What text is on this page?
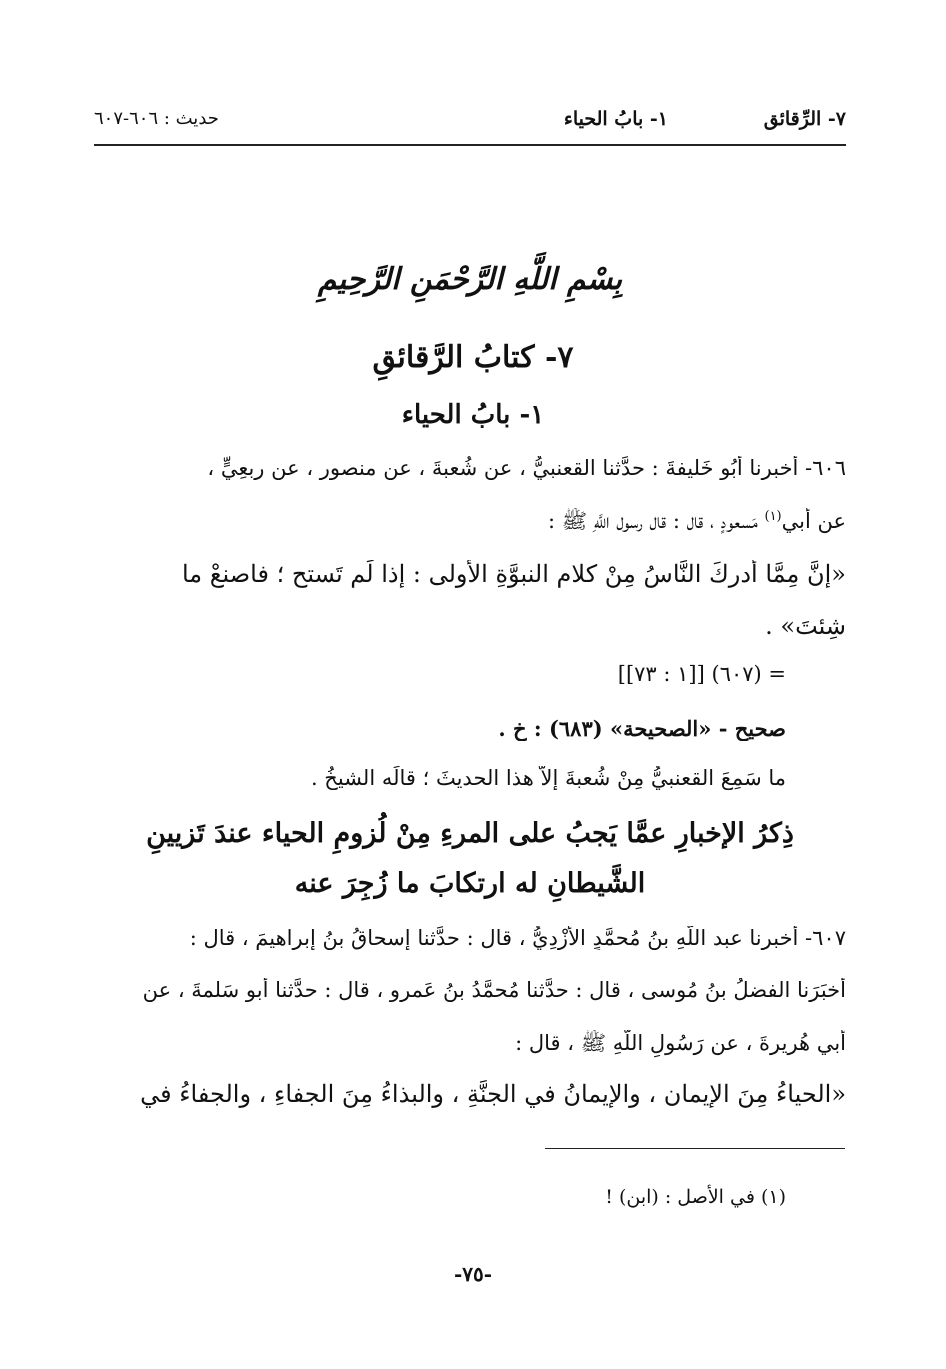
٧- الرِّقائق
١- بابُ الحياء
حديث : ٦٠٦-٦٠٧
بِسْمِ اللَّهِ الرَّحْمَنِ الرَّحِيمِ
٧- كتابُ الرَّقائقِ
١- بابُ الحياء
٦٠٦- أخبرنا أَبُو خَليفةَ : حدَّثنا القعنبيُّ ، عن شُعبةَ ، عن منصورٍ ، عن رِبعِيٍّ ،
عن أَبي$^{(١)}$ مَسعودٍ ، قال : قال رسول اللَّهِ ﷺ :
«إنَّ مِمَّا أدركَ النَّاسُ مِنْ كلامِ النبوَّةِ الأولى : إذا لَم تَستحِ ؛ فاصنعْ ما
شِئتَ» .
= (٦٠٧) [[١ : ٧٣]]
صحيح - «الصحيحة» (٦٨٣) : خ .
ما سَمِعَ القعنبيُّ مِنْ شُعبةَ إلاَّ هذا الحديثَ ؛ قالَه الشيخُ .
ذِكرُ الإخبارِ عمَّا يَجبُ على المرءِ مِنْ لُزومِ الحياء عندَ تَزيينِ
الشَّيطانِ له ارتكابَ ما زُجِرَ عنه
٦٠٧- أخبرنا عبد اللَّهِ بنُ مُحمَّدٍ الأَزْدِيُّ ، قال : حدَّثنا إسحاقُ بنُ إبراهيمَ ، قال :
أَخبَرَنا الفضلُ بنُ مُوسى ، قال : حدَّثنا مُحمَّدُ بنُ عَمرٍو ، قال : حدَّثنا أبو سَلمةَ ، عن
أَبي هُريرةَ ، عن رَسُولِ اللَّهِ ﷺ ، قال :
«الحياءُ مِنَ الإيمانِ ، والإيمانُ في الجنَّةِ ، والبذاءُ مِنَ الجفاءِ ، والجفاءُ في
(١) في الأصل : (ابن) !
-٧٥-
